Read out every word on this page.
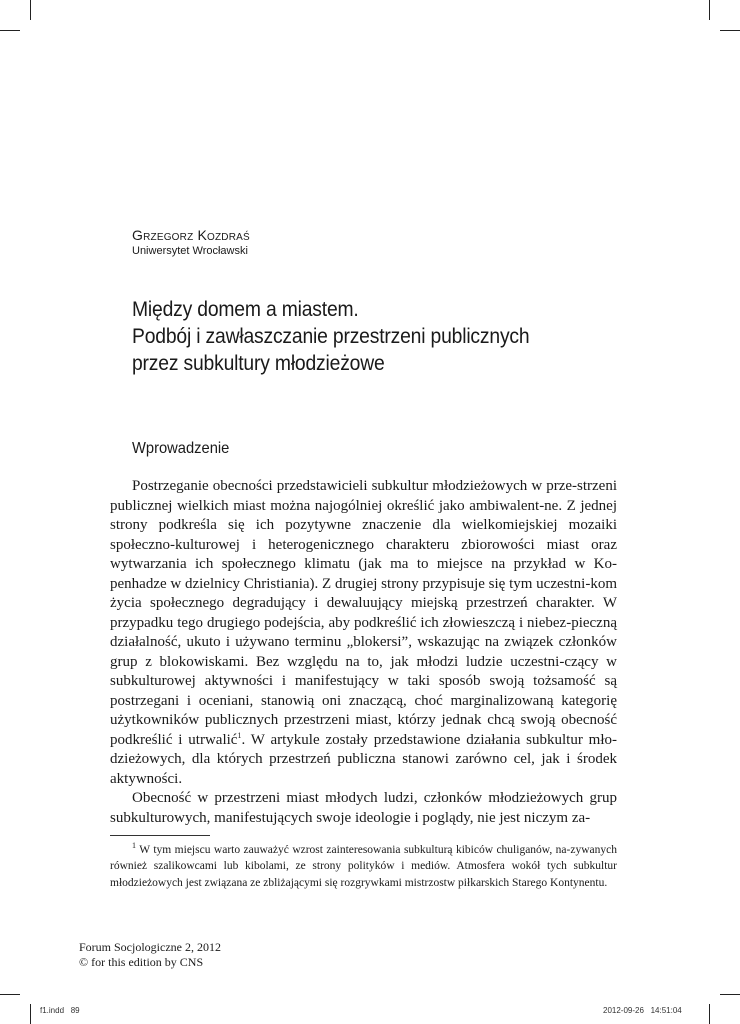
Grzegorz Kozdraś
Uniwersytet Wrocławski
Między domem a miastem.
Podbój i zawłaszczanie przestrzeni publicznych
przez subkultury młodzieżowe
Wprowadzenie

Postrzeganie obecności przedstawicieli subkultur młodzieżowych w prze-strzeni publicznej wielkich miast można najogólniej określić jako ambiwalent-ne. Z jednej strony podkreśla się ich pozytywne znaczenie dla wielkomiejskiej mozaiki społeczno-kulturowej i heterogenicznego charakteru zbiorowości miast oraz wytwarzania ich społecznego klimatu (jak ma to miejsce na przykład w Ko-penhadze w dzielnicy Christiania). Z drugiej strony przypisuje się tym uczestni-kom życia społecznego degradujący i dewaluujący miejską przestrzeń charakter. W przypadku tego drugiego podejścia, aby podkreślić ich złowieszczą i niebez-pieczną działalność, ukuto i używano terminu „blokersi”, wskazując na związek członków grup z blokowiskami. Bez względu na to, jak młodzi ludzie uczestni-czący w subkulturowej aktywności i manifestujący w taki sposób swoją tożsamość są postrzegani i oceniani, stanowią oni znaczącą, choć marginalizowaną kategorię użytkowników publicznych przestrzeni miast, którzy jednak chcą swoją obecność podkreślić i utrwalić$^1$. W artykule zostały przedstawione działania subkultur mło-dzieżowych, dla których przestrzeń publiczna stanowi zarówno cel, jak i środek aktywności.

Obecność w przestrzeni miast młodych ludzi, członków młodzieżowych grup subkulturowych, manifestujących swoje ideologie i poglądy, nie jest niczym za-

$^1$ W tym miejscu warto zauważyć wzrost zainteresowania subkulturą kibiców chuliganów, na-zywanych również szalikowcami lub kibolami, ze strony polityków i mediów. Atmosfera wokół tych subkultur młodzieżowych jest związana ze zbliżającymi się rozgrywkami mistrzostw piłkarskich Starego Kontynentu.

Forum Socjologiczne 2, 2012
© for this edition by CNS
f1.indd   89	2012-09-26   14:51:04
